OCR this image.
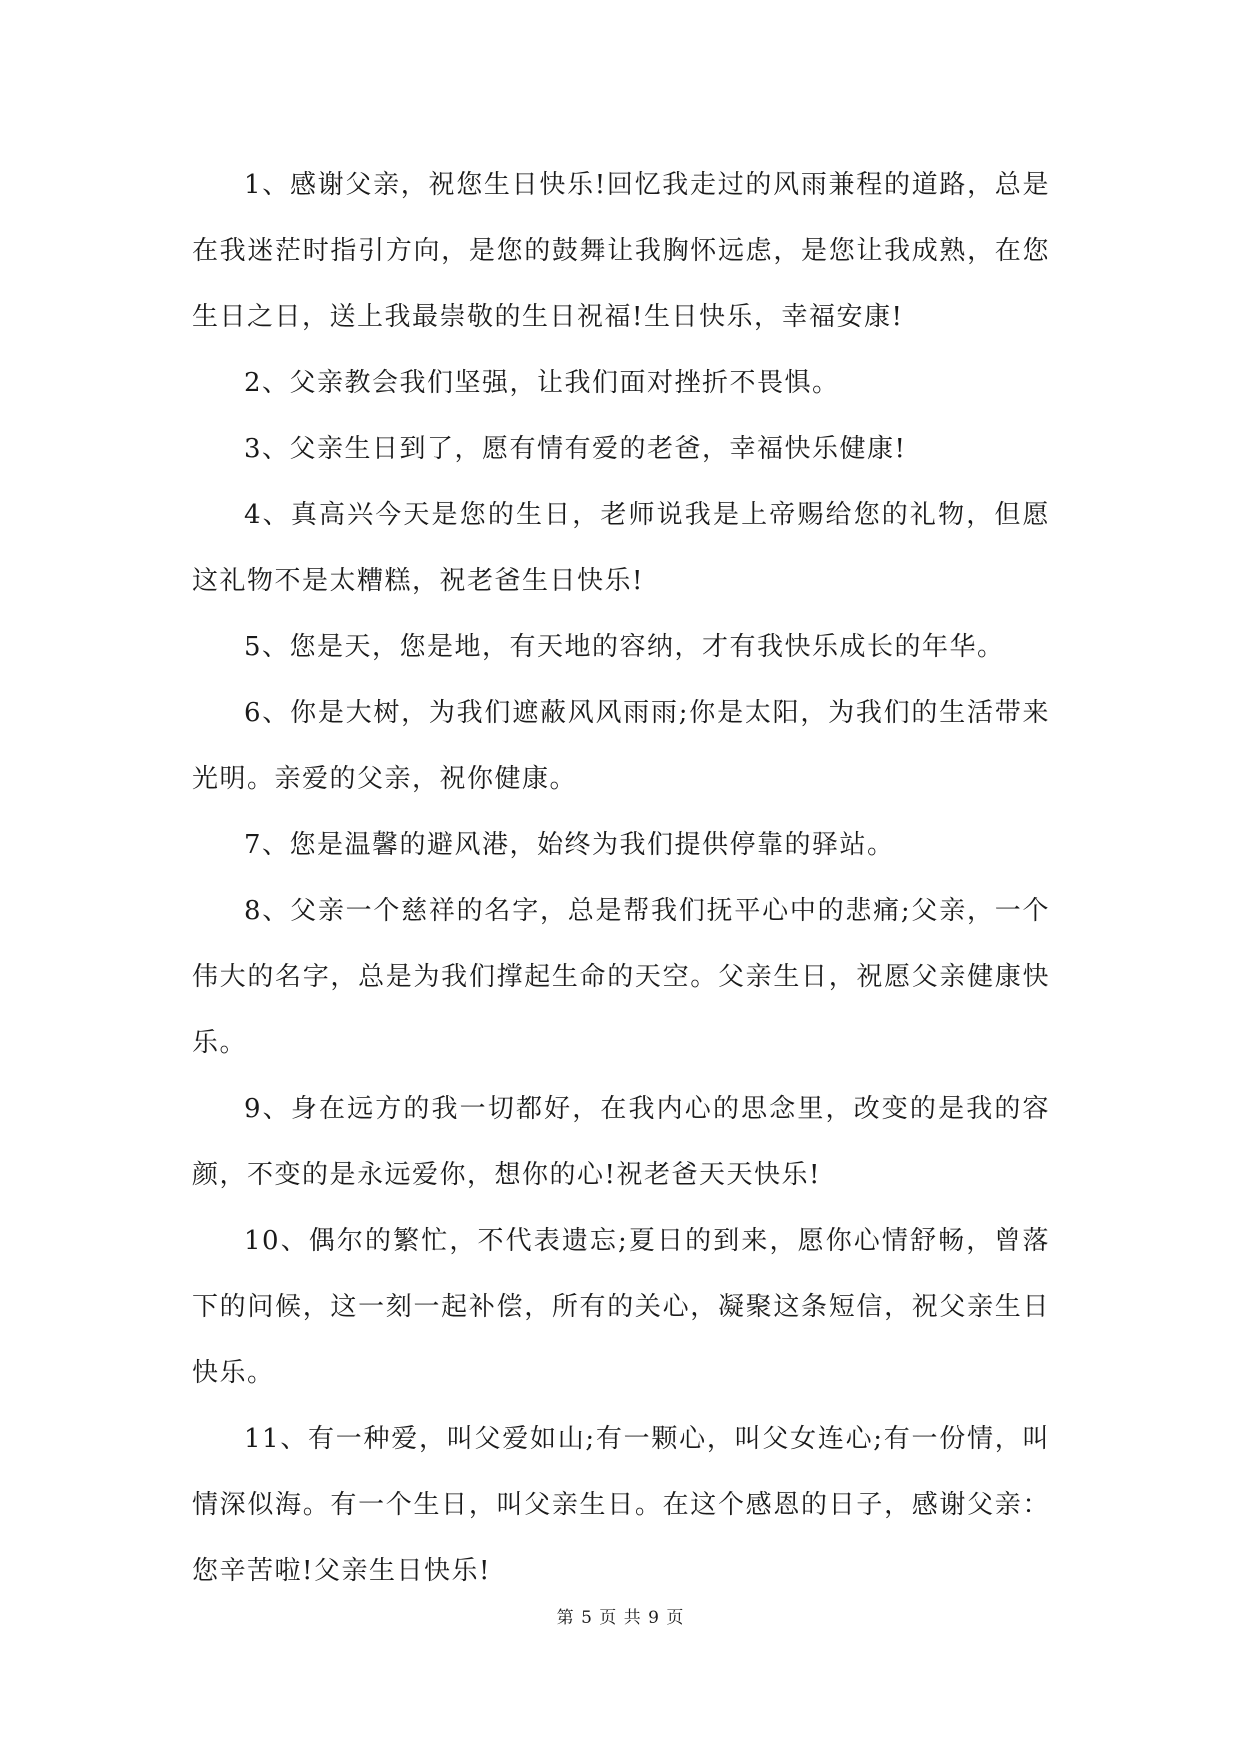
1、感谢父亲，祝您生日快乐!回忆我走过的风雨兼程的道路，总是在我迷茫时指引方向，是您的鼓舞让我胸怀远虑，是您让我成熟，在您生日之日，送上我最崇敬的生日祝福!生日快乐，幸福安康!

2、父亲教会我们坚强，让我们面对挫折不畏惧。

3、父亲生日到了，愿有情有爱的老爸，幸福快乐健康!

4、真高兴今天是您的生日，老师说我是上帝赐给您的礼物，但愿这礼物不是太糟糕，祝老爸生日快乐!

5、您是天，您是地，有天地的容纳，才有我快乐成长的年华。

6、你是大树，为我们遮蔽风风雨雨;你是太阳，为我们的生活带来光明。亲爱的父亲，祝你健康。

7、您是温馨的避风港，始终为我们提供停靠的驿站。

8、父亲一个慈祥的名字，总是帮我们抚平心中的悲痛;父亲，一个伟大的名字，总是为我们撑起生命的天空。父亲生日，祝愿父亲健康快乐。

9、身在远方的我一切都好，在我内心的思念里，改变的是我的容颜，不变的是永远爱你，想你的心!祝老爸天天快乐!

10、偶尔的繁忙，不代表遗忘;夏日的到来，愿你心情舒畅，曾落下的问候，这一刻一起补偿，所有的关心，凝聚这条短信，祝父亲生日快乐。

11、有一种爱，叫父爱如山;有一颗心，叫父女连心;有一份情，叫情深似海。有一个生日，叫父亲生日。在这个感恩的日子，感谢父亲：您辛苦啦!父亲生日快乐!

第 5 页 共 9 页
